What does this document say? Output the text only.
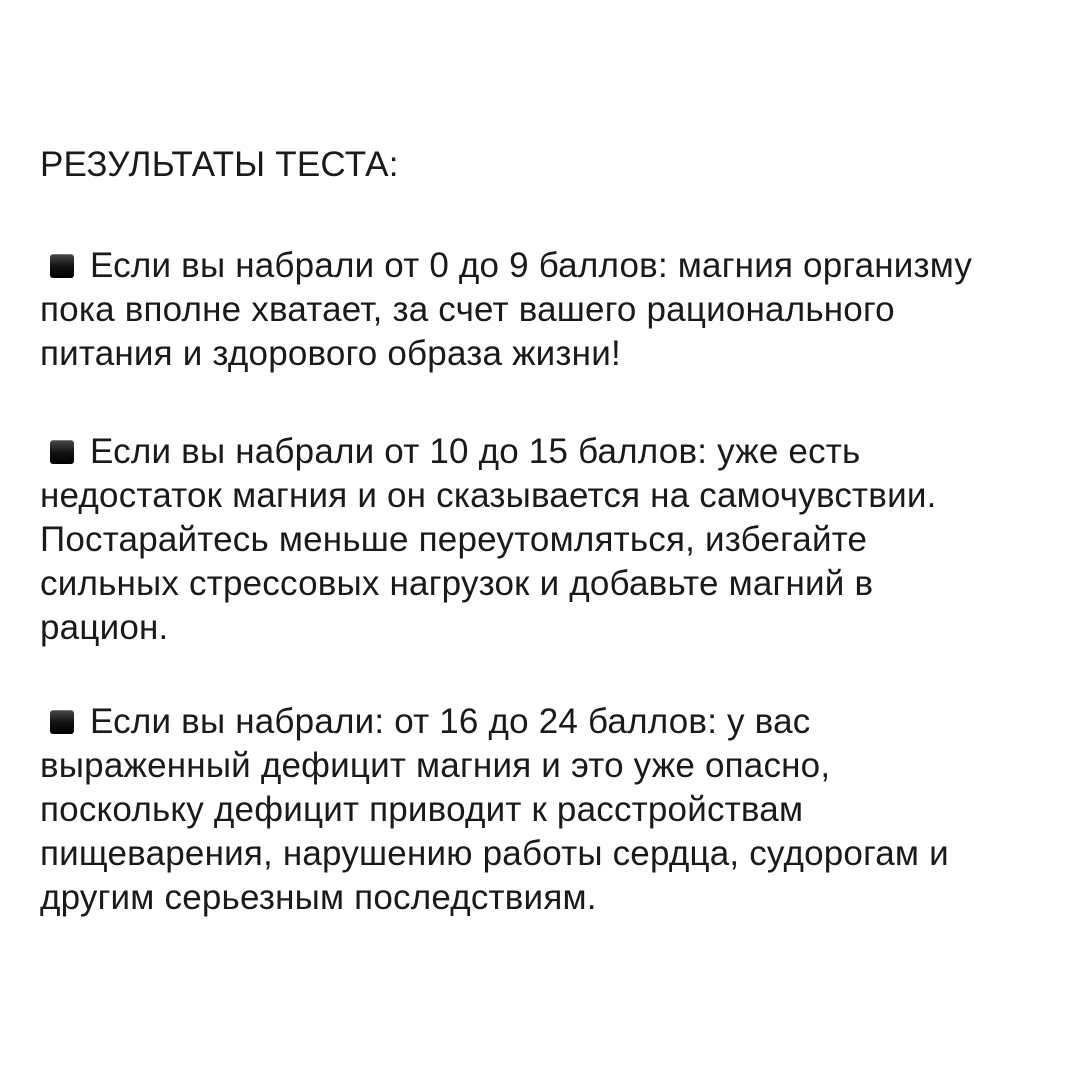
РЕЗУЛЬТАТЫ ТЕСТА:
Если вы набрали от 0 до 9 баллов: магния организму
пока вполне хватает, за счет вашего рационального
питания и здорового образа жизни!
Если вы набрали от 10 до 15 баллов: уже есть
недостаток магния и он сказывается на самочувствии.
Постарайтесь меньше переутомляться, избегайте
сильных стрессовых нагрузок и добавьте магний в
рацион.
Если вы набрали: от 16 до 24 баллов: у вас
выраженный дефицит магния и это уже опасно,
поскольку дефицит приводит к расстройствам
пищеварения, нарушению работы сердца, судорогам и
другим серьезным последствиям.
